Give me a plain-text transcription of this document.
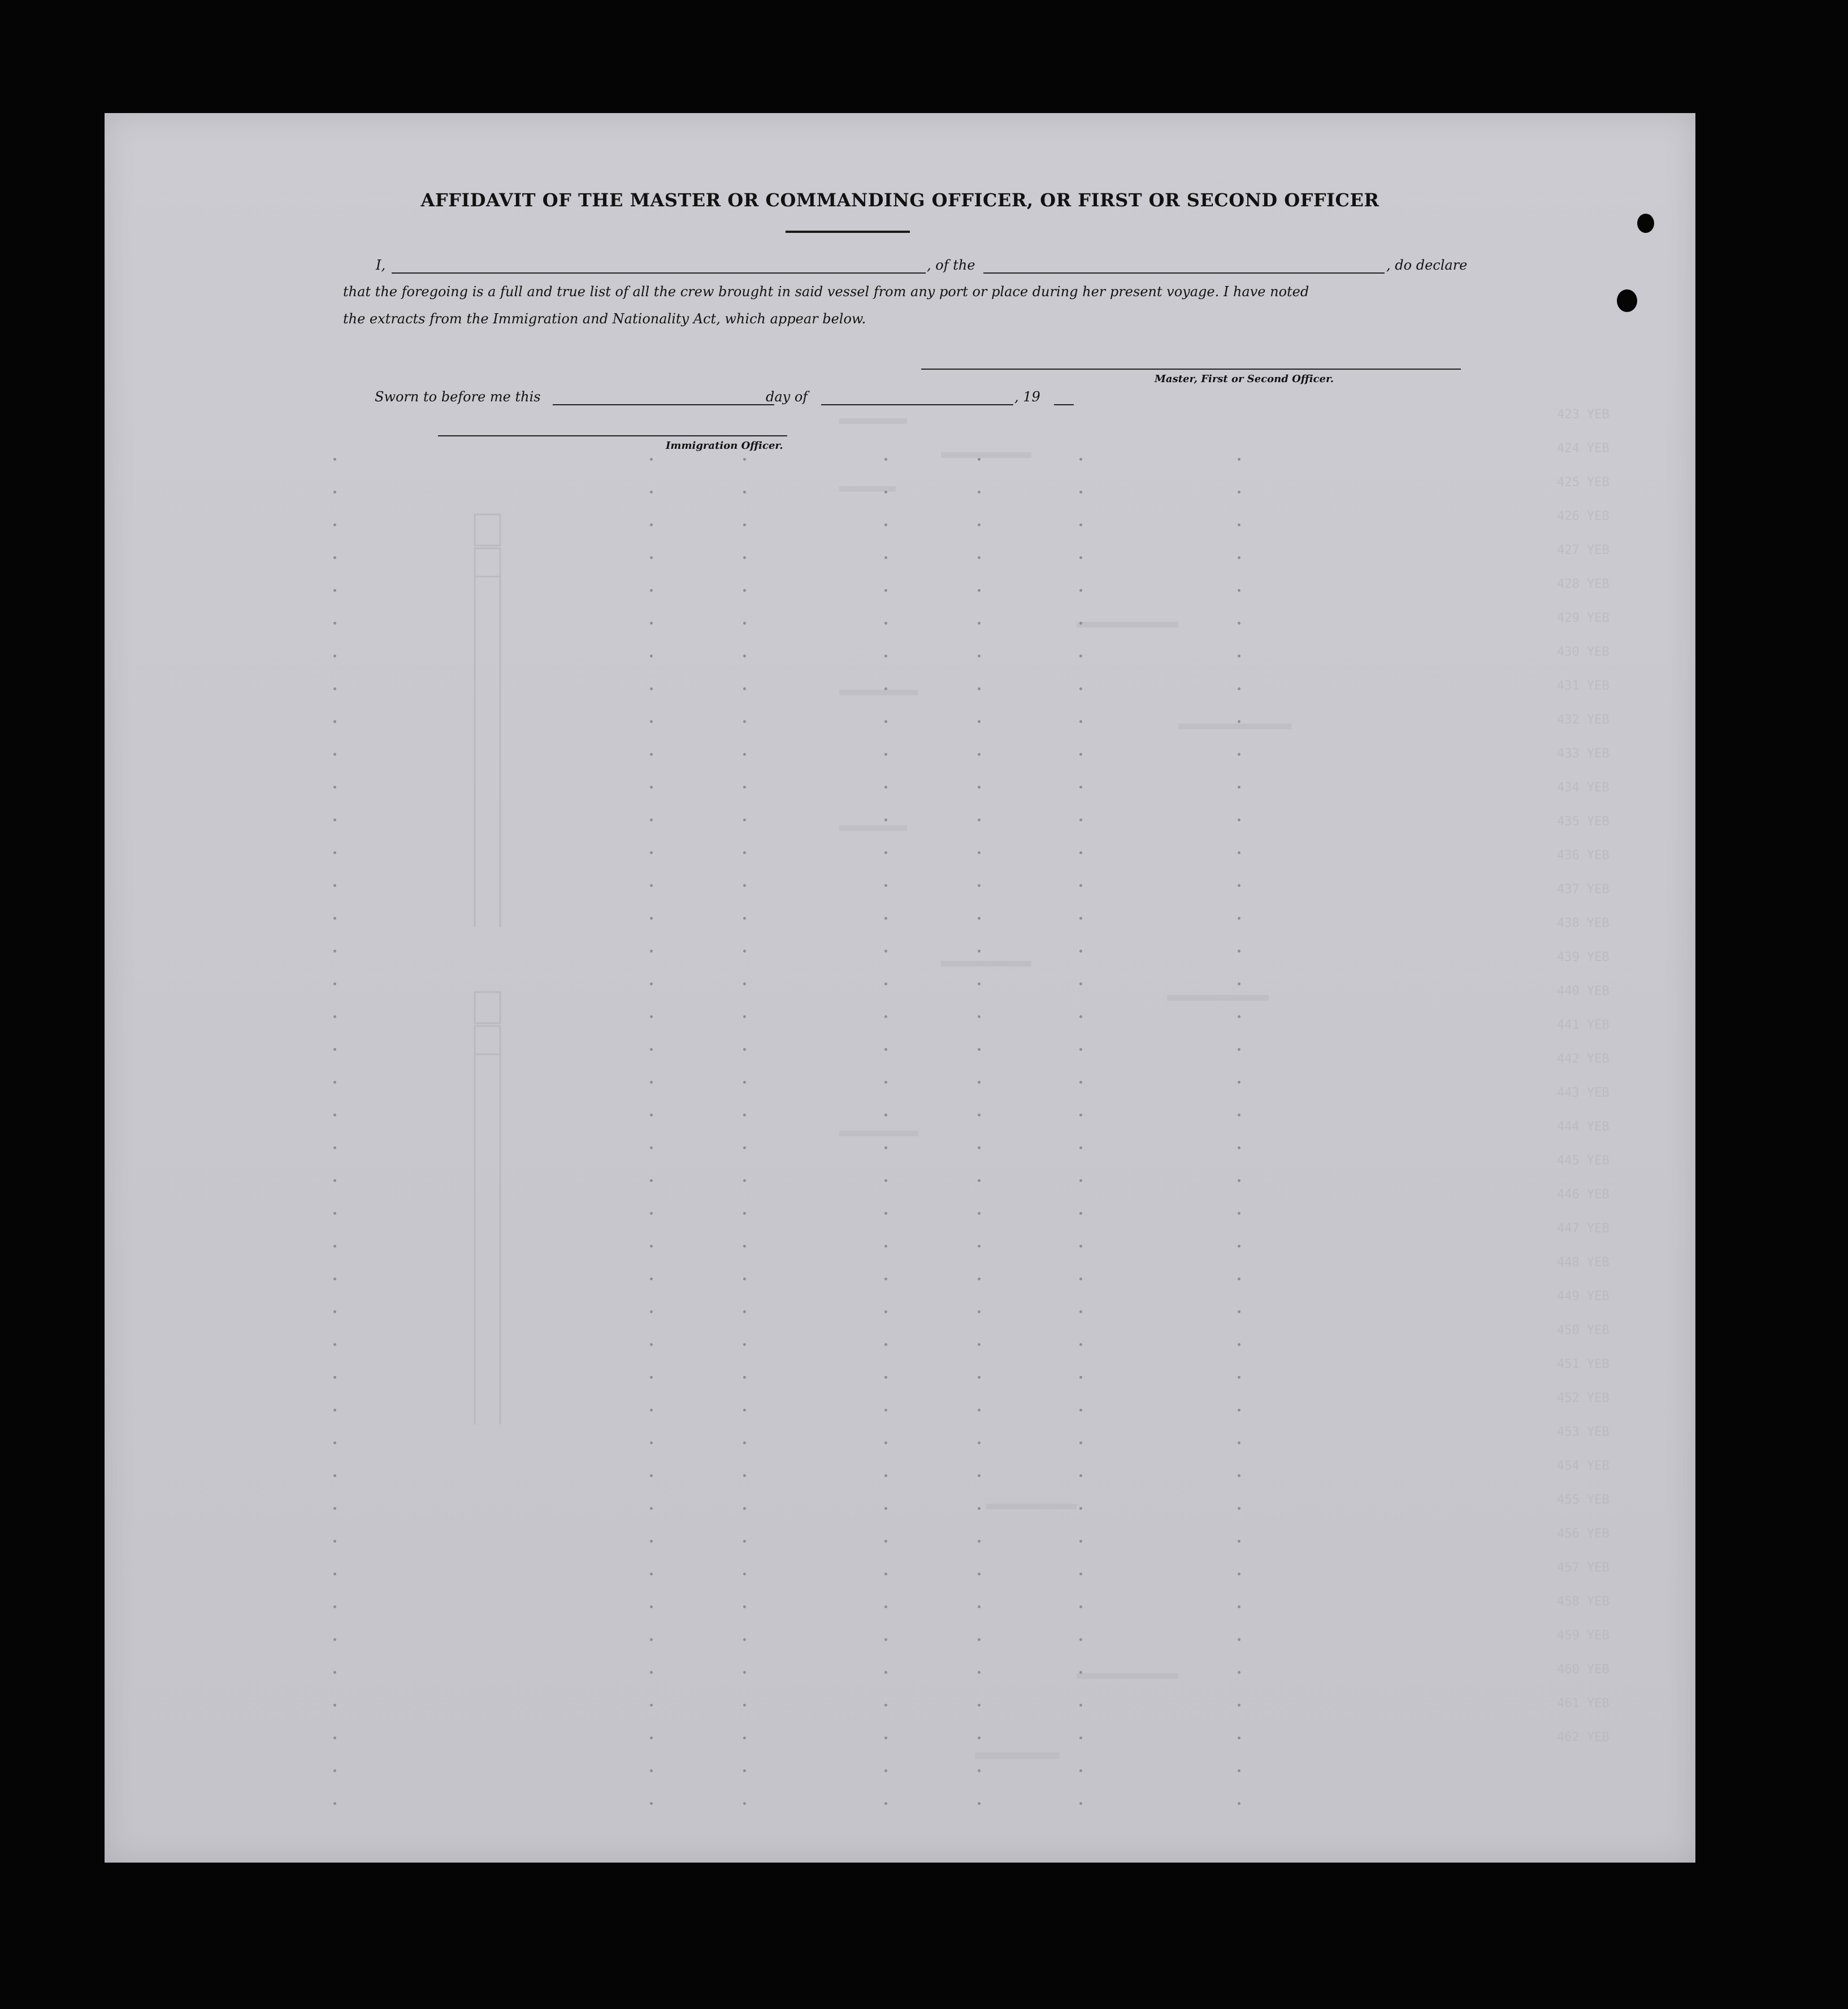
423 YEB
424 YEB
425 YEB
426 YEB
427 YEB
428 YEB
429 YEB
430 YEB
431 YEB
432 YEB
433 YEB
434 YEB
435 YEB
436 YEB
437 YEB
438 YEB
439 YEB
440 YEB
441 YEB
442 YEB
443 YEB
444 YEB
445 YEB
446 YEB
447 YEB
448 YEB
449 YEB
450 YEB
451 YEB
452 YEB
453 YEB
454 YEB
455 YEB
456 YEB
457 YEB
458 YEB
459 YEB
460 YEB
461 YEB
462 YEB
AFFIDAVIT OF THE MASTER OR COMMANDING OFFICER, OR FIRST OR SECOND OFFICER
I,	, of the	, do declare
that the foregoing is a full and true list of all the crew brought in said vessel from any port or place during her present voyage. I have noted
the extracts from the Immigration and Nationality Act, which appear below.
Master, First or Second Officer.
Sworn to before me this	day of	, 19
Immigration Officer.
